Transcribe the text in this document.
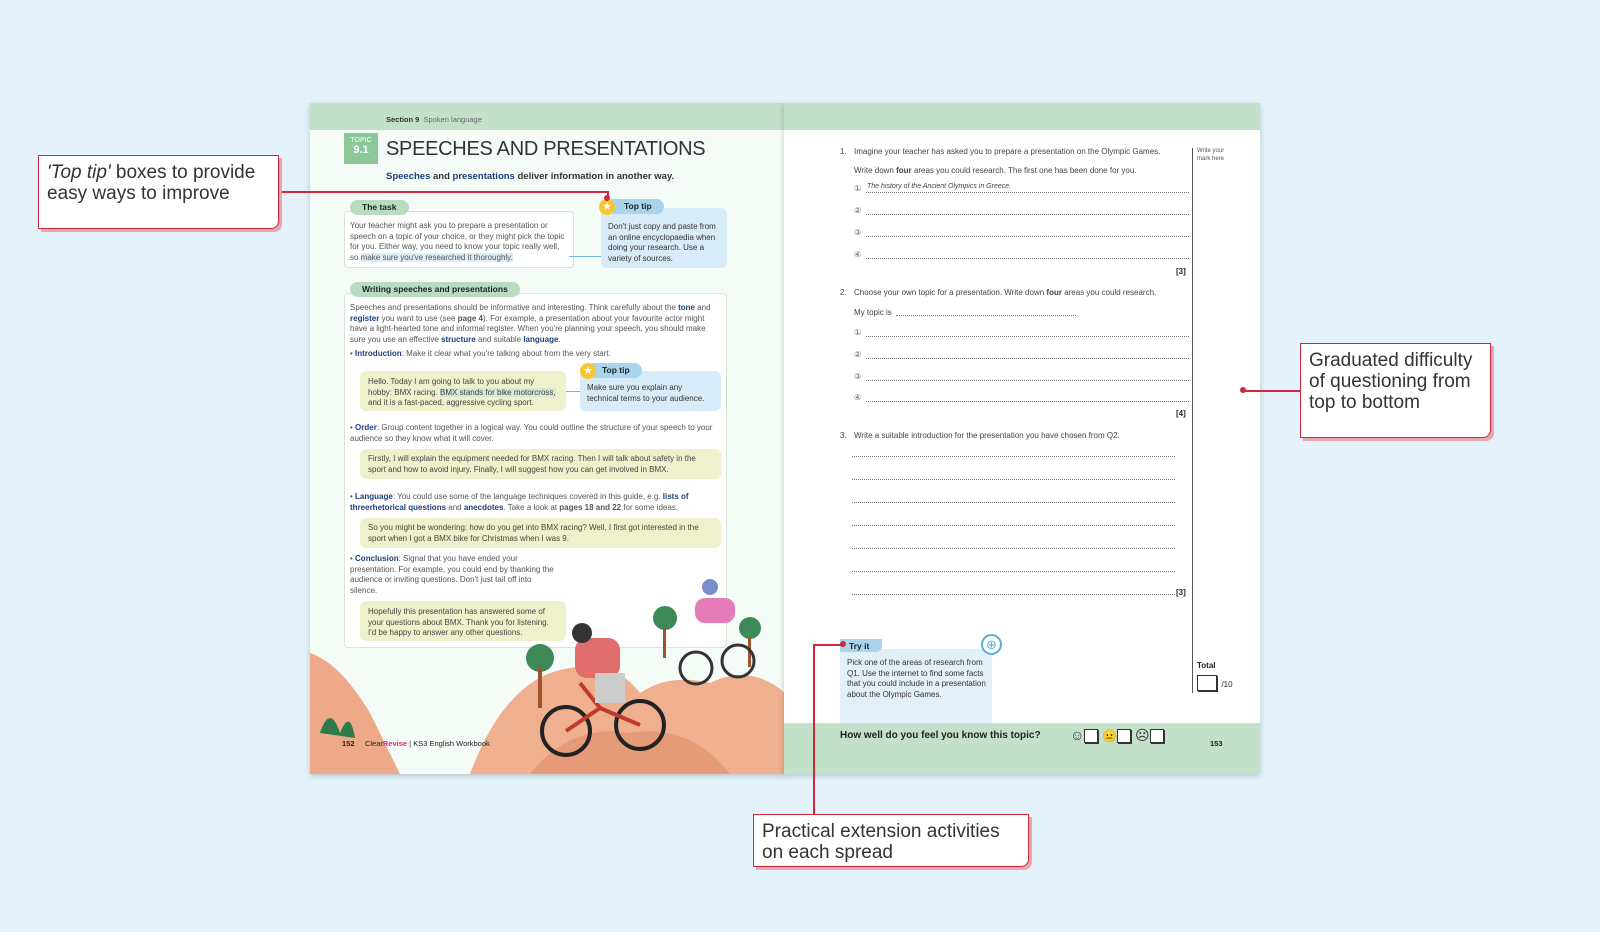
Section 9 Spoken language
TOPIC
9.1 SPEECHES AND PRESENTATIONS
Speeches and presentations deliver information in another way.
The task
Your teacher might ask you to prepare a presentation or speech on a topic of your choice, or they might pick the topic for you. Either way, you need to know your topic really well, so make sure you've researched it thoroughly.
Don't just copy and paste from an online encyclopaedia when doing your research. Use a variety of sources.
Top tip
★
Writing speeches and presentations
Speeches and presentations should be informative and interesting. Think carefully about the tone and register you want to use (see page 4). For example, a presentation about your favourite actor might have a light-hearted tone and informal register. When you're planning your speech, you should make sure you use an effective structure and suitable language.
• Introduction: Make it clear what you're talking about from the very start.
Hello. Today I am going to talk to you about my hobby: BMX racing. BMX stands for bike motorcross, and it is a fast-paced, aggressive cycling sport.
Make sure you explain any technical terms to your audience.
Top tip
★
• Order: Group content together in a logical way. You could outline the structure of your speech to your audience so they know what it will cover.
Firstly, I will explain the equipment needed for BMX racing. Then I will talk about safety in the sport and how to avoid injury. Finally, I will suggest how you can get involved in BMX.
• Language: You could use some of the language techniques covered in this guide, e.g. lists of threerhetorical questions and anecdotes. Take a look at pages 18 and 22 for some ideas.
So you might be wondering: how do you get into BMX racing? Well, I first got interested in the sport when I got a BMX bike for Christmas when I was 9.
• Conclusion: Signal that you have ended your presentation. For example, you could end by thanking the audience or inviting questions. Don't just tail off into silence.
Hopefully this presentation has answered some of your questions about BMX. Thank you for listening. I'd be happy to answer any other questions.
152 ClearRevise | KS3 English Workbook
Write your mark here
1. Imagine your teacher has asked you to prepare a presentation on the Olympic Games.
Write down four areas you could research. The first one has been done for you.
① The history of the Ancient Olympics in Greece.
②
③
④
[3]
2. Choose your own topic for a presentation. Write down four areas you could research.
My topic is
①
②
③
④
[4]
3. Write a suitable introduction for the presentation you have chosen from Q2.
[3]
Total
/10
Try it	⊕
Pick one of the areas of research from Q1. Use the internet to find some facts that you could include in a presentation about the Olympic Games.
How well do you feel you know this topic? ☺ 😐 ☹
153
'Top tip' boxes to provide easy ways to improve
Graduated difficulty of questioning from top to bottom
Practical extension activities on each spread
